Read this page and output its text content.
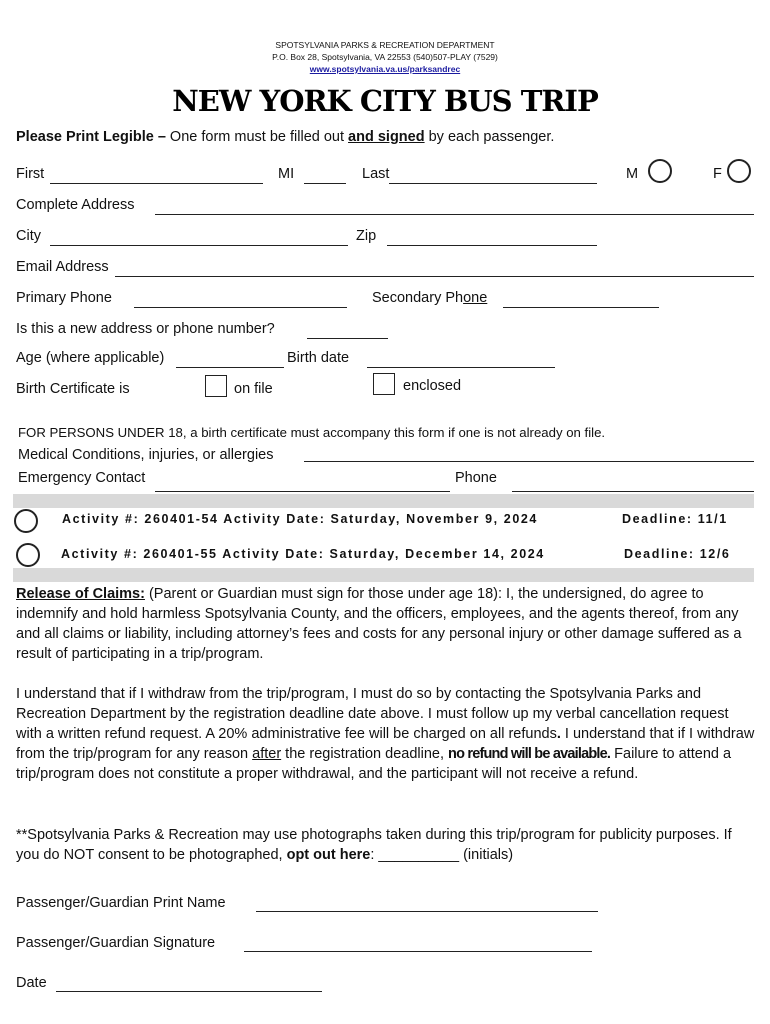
SPOTSYLVANIA PARKS & RECREATION DEPARTMENT
P.O. Box 28, Spotsylvania, VA 22553 (540)507-PLAY (7529)
www.spotsylvania.va.us/parksandrec
NEW YORK CITY BUS TRIP
Please Print Legible – One form must be filled out and signed by each passenger.
First	MI	Last	M	F
Complete Address
City	Zip
Email Address
Primary Phone	Secondary Phone
Is this a new address or phone number?
Age (where applicable)	Birth date
Birth Certificate is	on file	enclosed
FOR PERSONS UNDER 18, a birth certificate must accompany this form if one is not already on file.
Medical Conditions, injuries, or allergies
Emergency Contact	Phone
Activity #: 260401-54 Activity Date: Saturday, November 9, 2024	Deadline: 11/1
Activity #: 260401-55 Activity Date: Saturday, December 14, 2024	Deadline: 12/6
Release of Claims: (Parent or Guardian must sign for those under age 18): I, the undersigned, do agree to indemnify and hold harmless Spotsylvania County, and the officers, employees, and the agents thereof, from any and all claims or liability, including attorney’s fees and costs for any personal injury or other damage suffered as a result of participating in a trip/program.
I understand that if I withdraw from the trip/program, I must do so by contacting the Spotsylvania Parks and Recreation Department by the registration deadline date above. I must follow up my verbal cancellation request with a written refund request. A 20% administrative fee will be charged on all refunds. I understand that if I withdraw from the trip/program for any reason after the registration deadline, no refund will be available. Failure to attend a trip/program does not constitute a proper withdrawal, and the participant will not receive a refund.
**Spotsylvania Parks & Recreation may use photographs taken during this trip/program for publicity purposes. If you do NOT consent to be photographed, opt out here: __________ (initials)
Passenger/Guardian Print Name
Passenger/Guardian Signature
Date
